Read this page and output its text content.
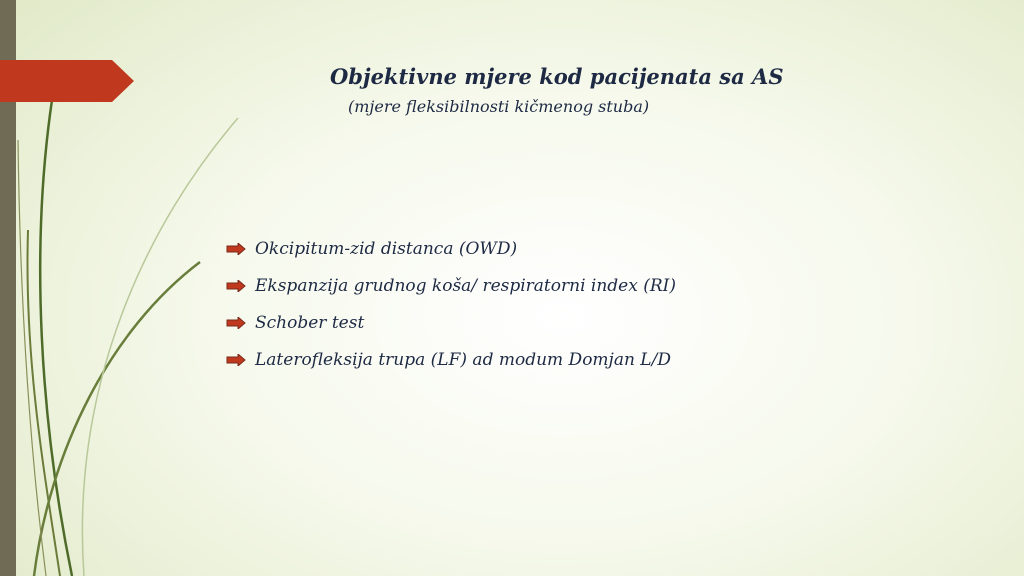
Objektivne mjere kod pacijenata sa AS

(mjere fleksibilnosti kičmenog stuba)

Okcipitum-zid distanca (OWD)
Ekspanzija grudnog koša/ respiratorni index (RI)
Schober test
Laterofleksija trupa (LF) ad modum Domjan L/D
